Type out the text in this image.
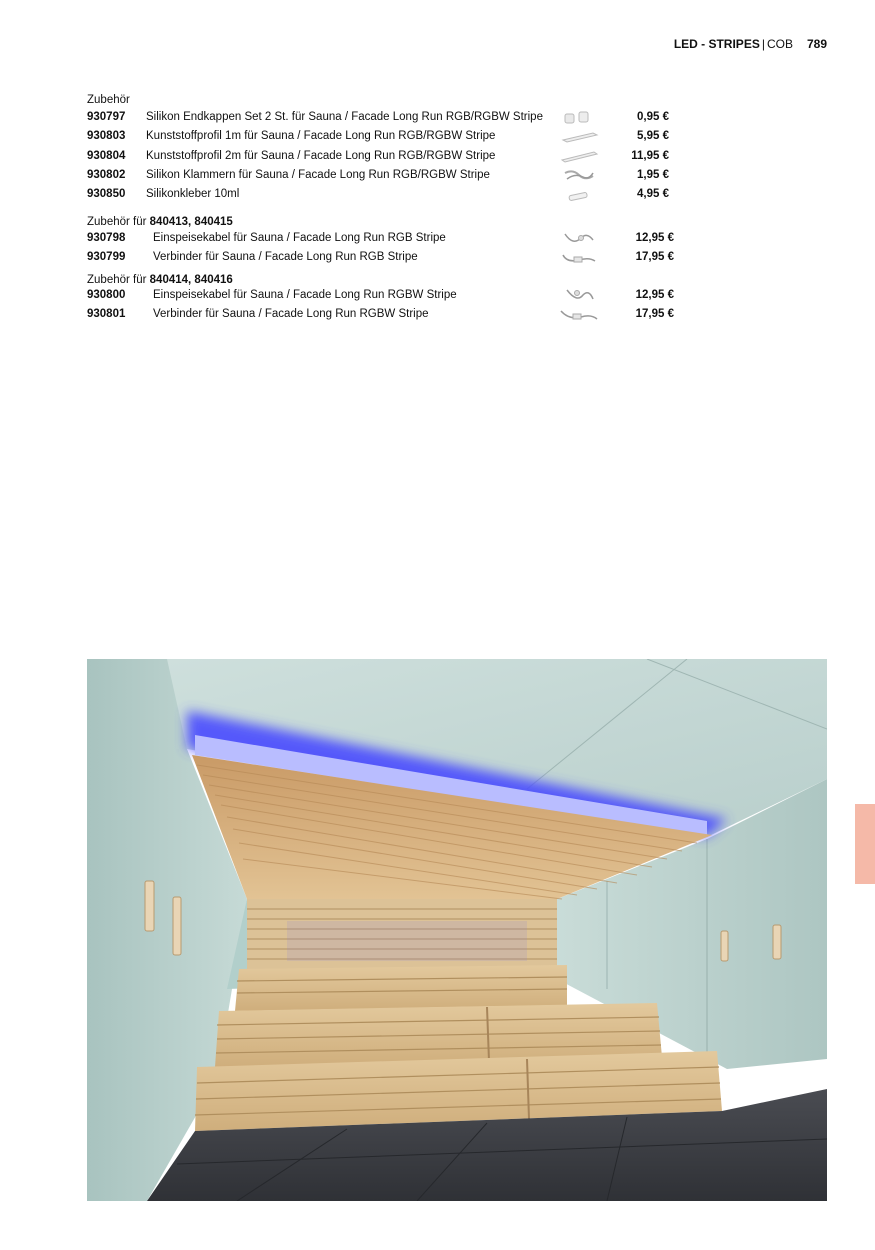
LED - STRIPES | COB 789
Zubehör
930797 Silikon Endkappen Set 2 St. für Sauna / Facade Long Run RGB/RGBW Stripe	0,95 €
930803 Kunststoffprofil 1m für Sauna / Facade Long Run RGB/RGBW Stripe	5,95 €
930804 Kunststoffprofil 2m für Sauna / Facade Long Run RGB/RGBW Stripe	11,95 €
930802 Silikon Klammern für Sauna / Facade Long Run RGB/RGBW Stripe	1,95 €
930850 Silikonkleber 10ml	4,95 €
Zubehör für 840413, 840415
930798 Einspeisekabel für Sauna / Facade Long Run RGB Stripe	12,95 €
930799 Verbinder für Sauna / Facade Long Run RGB Stripe	17,95 €
Zubehör für 840414, 840416
930800 Einspeisekabel für Sauna / Facade Long Run RGBW Stripe	12,95 €
930801 Verbinder für Sauna / Facade Long Run RGBW Stripe	17,95 €
